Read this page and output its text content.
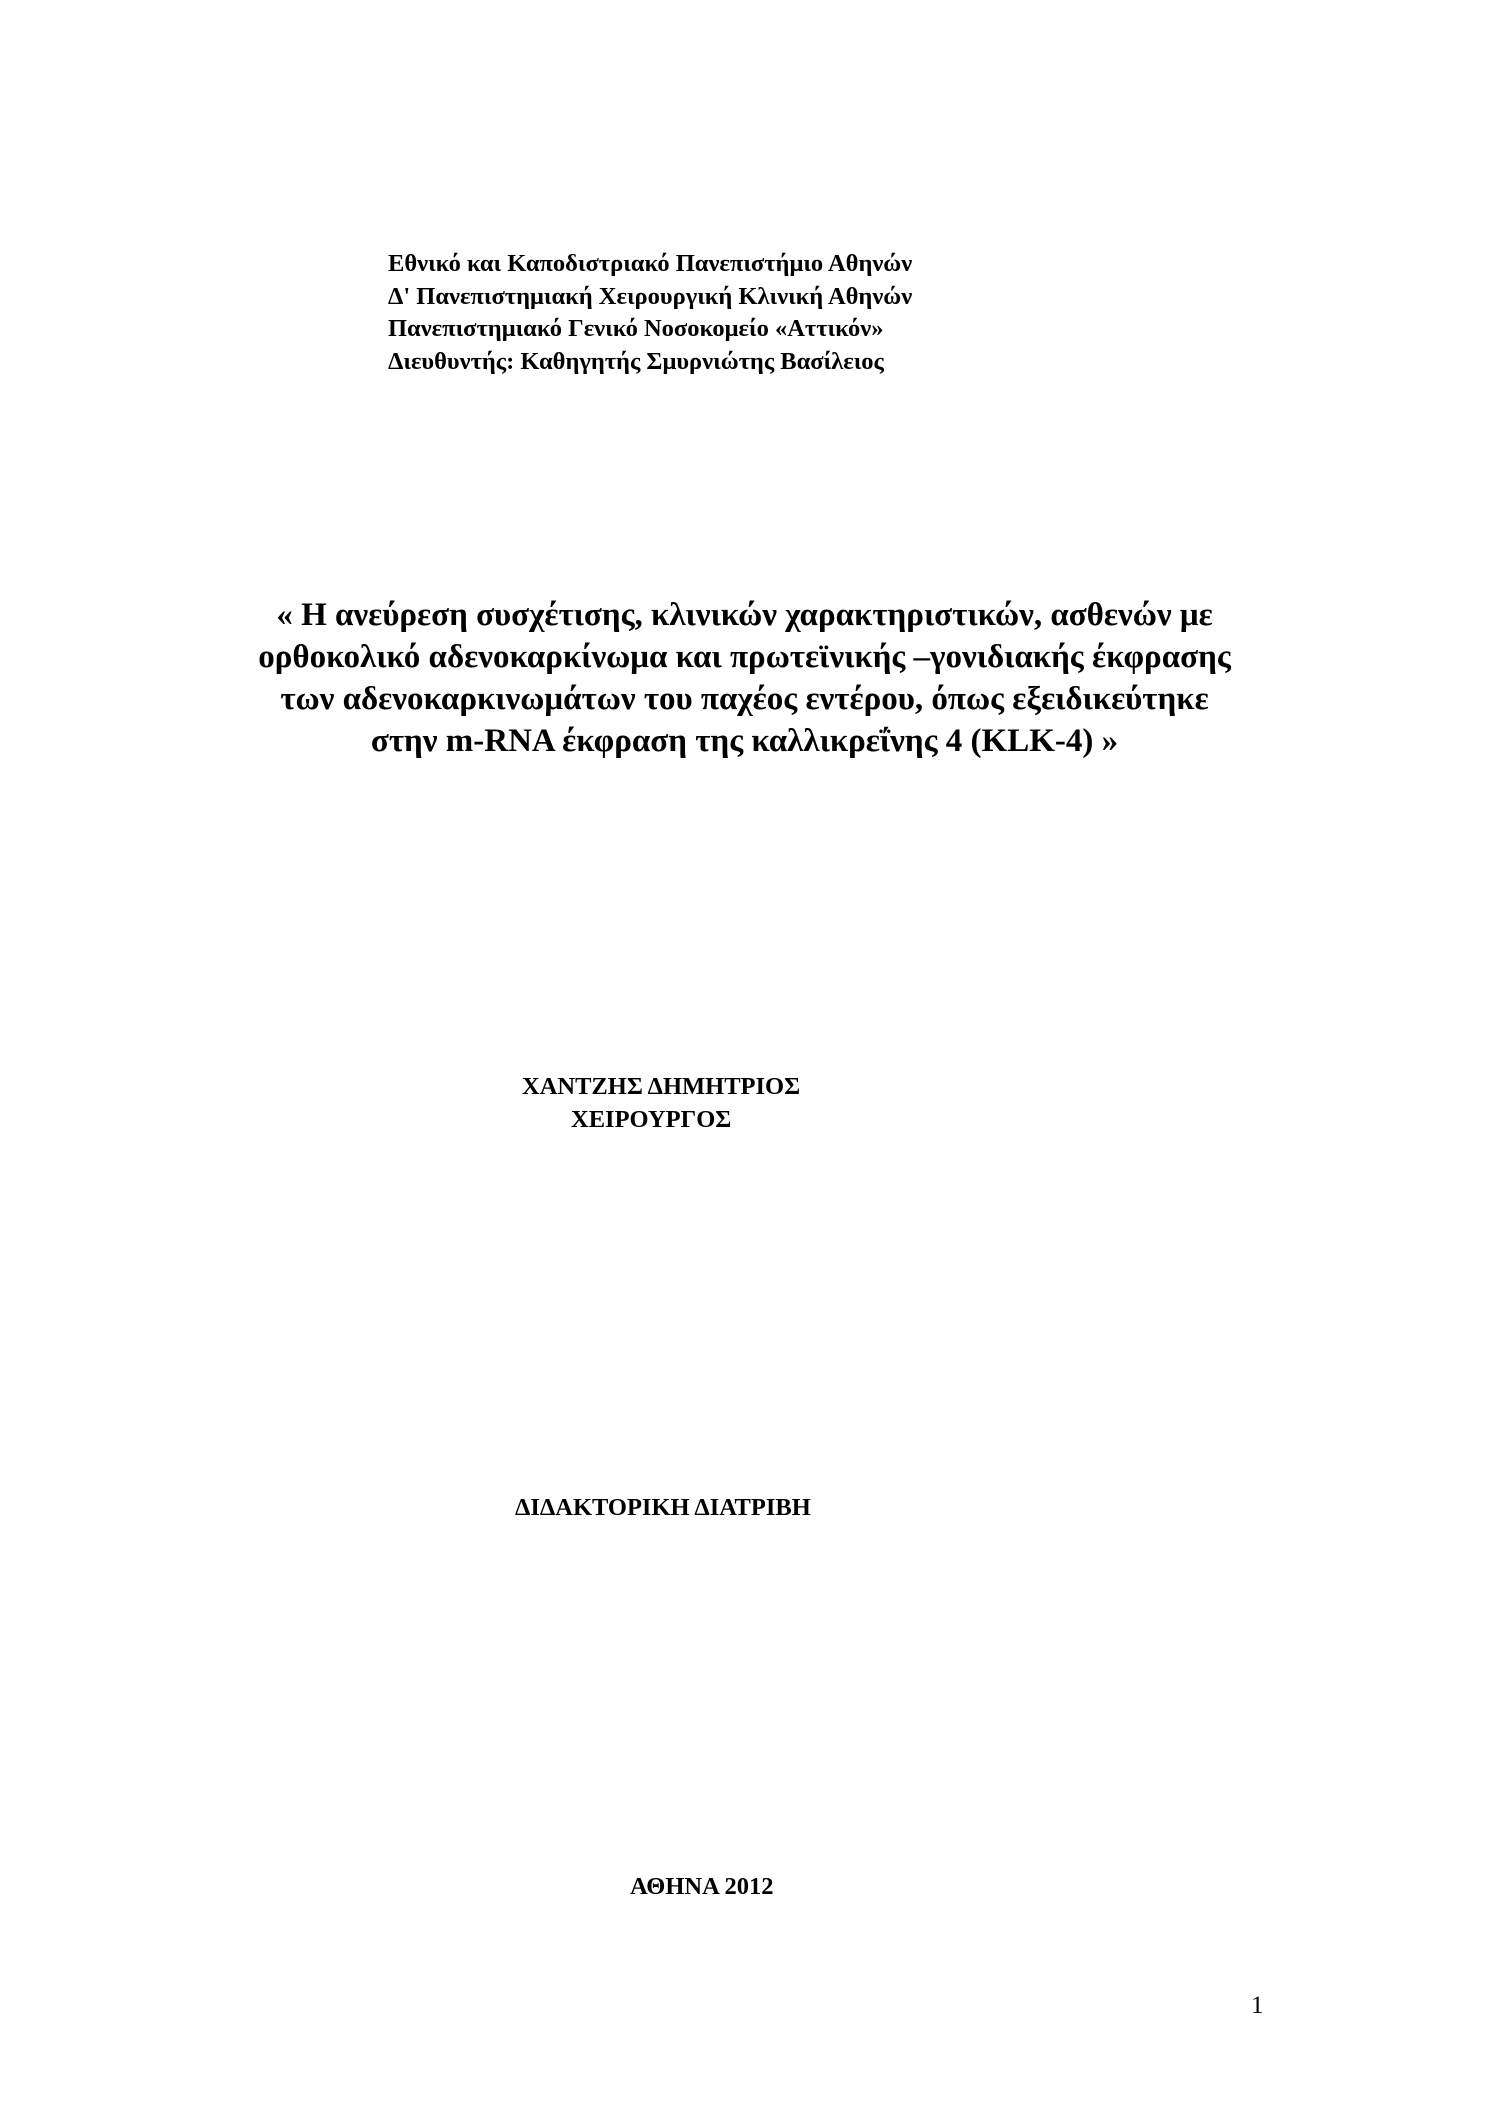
Εθνικό και Καποδιστριακό Πανεπιστήμιο Αθηνών
Δ' Πανεπιστημιακή Χειρουργική Κλινική Αθηνών
Πανεπιστημιακό Γενικό Νοσοκομείο «Αττικόν»
Διευθυντής: Καθηγητής Σμυρνιώτης Βασίλειος
« Η ανεύρεση συσχέτισης, κλινικών χαρακτηριστικών, ασθενών με
ορθοκολικό αδενοκαρκίνωμα και πρωτεϊνικής –γονιδιακής έκφρασης
των αδενοκαρκινωμάτων του παχέος εντέρου, όπως εξειδικεύτηκε
στην m-RNA έκφραση της καλλικρεΐνης 4 (KLK-4) »
ΧΑΝΤΖΗΣ ΔΗΜΗΤΡΙΟΣ
ΧΕΙΡΟΥΡΓΟΣ
ΔΙΔΑΚΤΟΡΙΚΗ ΔΙΑΤΡΙΒΗ
ΑΘΗΝΑ 2012
1
